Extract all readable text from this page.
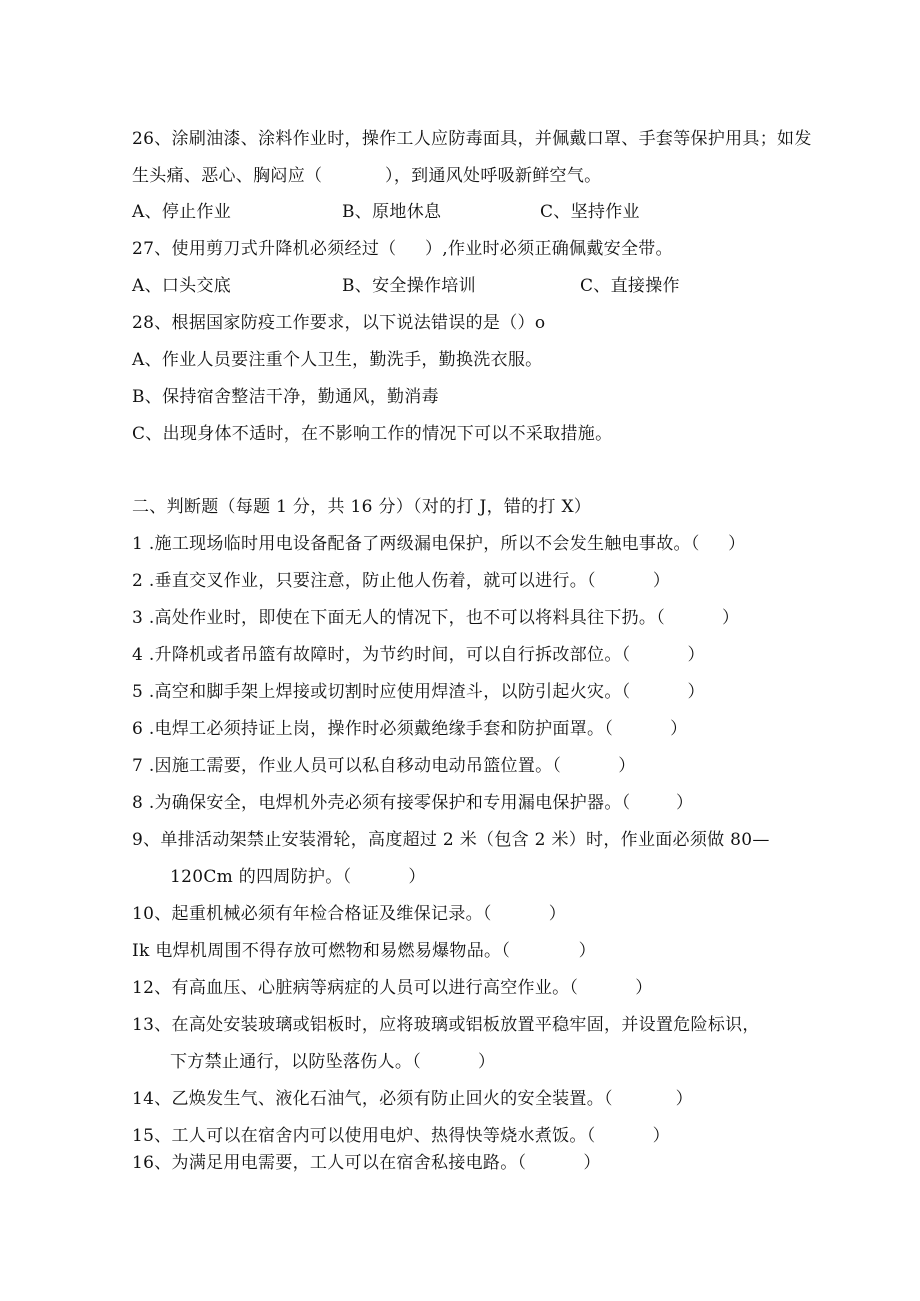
26、涂刷油漆、涂料作业时，操作工人应防毒面具，并佩戴口罩、手套等保护用具；如发
生头痛、恶心、胸闷应（           ），到通风处呼吸新鲜空气。
A、停止作业	B、原地休息	C、坚持作业
27、使用剪刀式升降机必须经过（     ）,作业时必须正确佩戴安全带。
A、口头交底	B、安全操作培训	C、直接操作
28、根据国家防疫工作要求，以下说法错误的是（）o
A、作业人员要注重个人卫生，勤洗手，勤换洗衣服。
B、保持宿舍整洁干净，勤通风，勤消毒
C、出现身体不适时，在不影响工作的情况下可以不采取措施。
二、判断题（每题 1 分，共 16 分）（对的打 J，错的打 X）
1 .施工现场临时用电设备配备了两级漏电保护，所以不会发生触电事故。（     ）
2 .垂直交叉作业，只要注意，防止他人伤着，就可以进行。（          ）
3 .高处作业时，即使在下面无人的情况下，也不可以将料具往下扔。（          ）
4 .升降机或者吊篮有故障时，为节约时间，可以自行拆改部位。（          ）
5 .高空和脚手架上焊接或切割时应使用焊渣斗，以防引起火灾。（          ）
6 .电焊工必须持证上岗，操作时必须戴绝缘手套和防护面罩。（          ）
7 .因施工需要，作业人员可以私自移动电动吊篮位置。（          ）
8 .为确保安全，电焊机外壳必须有接零保护和专用漏电保护器。（        ）
9、单排活动架禁止安装滑轮，高度超过 2 米（包含 2 米）时，作业面必须做 80—
120Cm 的四周防护。（          ）
10、起重机械必须有年检合格证及维保记录。（          ）
Ik 电焊机周围不得存放可燃物和易燃易爆物品。（            ）
12、有高血压、心脏病等病症的人员可以进行高空作业。（          ）
13、在高处安装玻璃或铝板时，应将玻璃或铝板放置平稳牢固，并设置危险标识，
下方禁止通行，以防坠落伤人。（          ）
14、乙焕发生气、液化石油气，必须有防止回火的安全装置。（           ）
15、工人可以在宿舍内可以使用电炉、热得快等烧水煮饭。（          ）
16、为满足用电需要，工人可以在宿舍私接电路。（          ）
